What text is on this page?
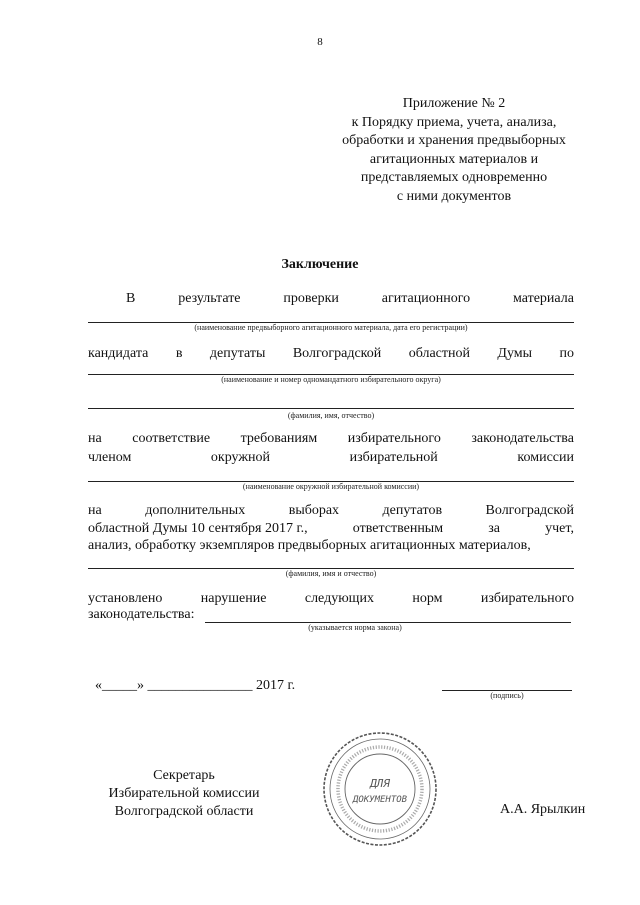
8
Приложение № 2
к Порядку приема, учета, анализа,
обработки и хранения предвыборных
агитационных материалов и
представляемых одновременно
с ними документов
Заключение
В	результате	проверки	агитационного	материала
(наименование предвыборного агитационного материала, дата его регистрации)
кандидата в депутаты Волгоградской областной Думы по
(наименование и номер одномандатного избирательного округа)
(фамилия, имя, отчество)
на соответствие требованиям избирательного законодательства
членом	окружной	избирательной	комиссии
(наименование окружной избирательной комиссии)
на	дополнительных	выборах	депутатов	Волгоградской
областной Думы 10 сентября 2017 г.,	ответственным	за	учет,
анализ, обработку экземпляров предвыборных агитационных материалов,
(фамилия, имя и отчество)
установлено	нарушение	следующих	норм	избирательного
законодательства:
(указывается норма закона)
«_____» _______________ 2017 г.
(подпись)
Секретарь
Избирательной комиссии
Волгоградской области	А.А. Ярылкин
ДЛЯ
ДОКУМЕНТОВ
